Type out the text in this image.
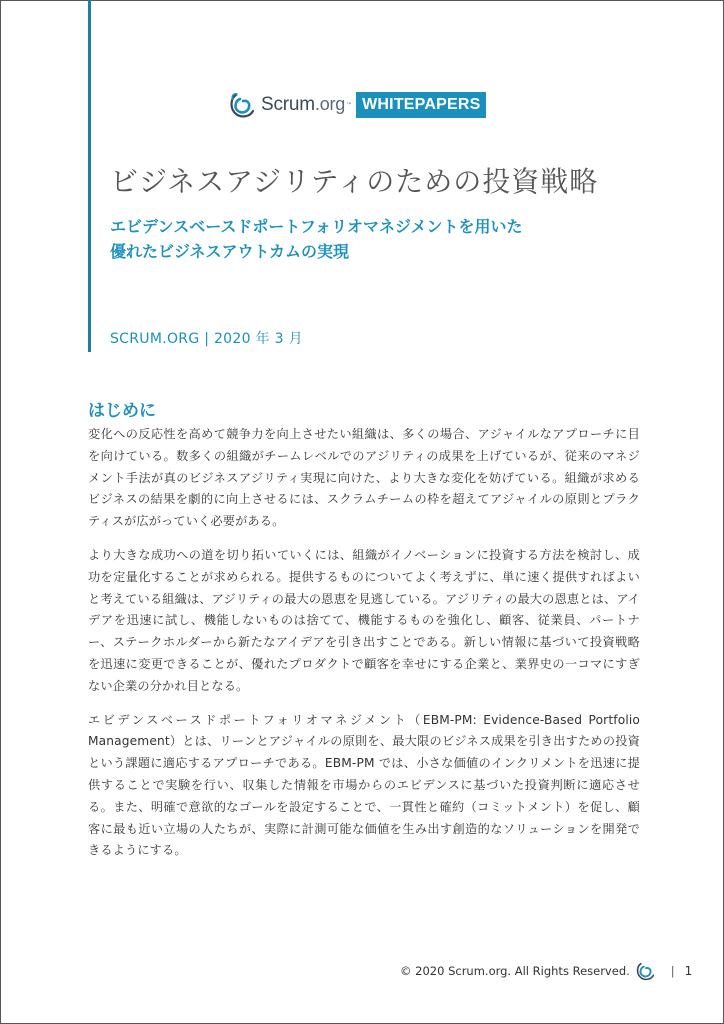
Scrum.org ™ WHITEPAPERS
ビジネスアジリティのための投資戦略
エビデンスベースドポートフォリオマネジメントを用いた
優れたビジネスアウトカムの実現
SCRUM.ORG | 2020 年 3 月
はじめに

変化への反応性を高めて競争力を向上させたい組織は、多くの場合、アジャイルなアプローチに目を向けている。数多くの組織がチームレベルでのアジリティの成果を上げているが、従来のマネジメント手法が真のビジネスアジリティ実現に向けた、より大きな変化を妨げている。組織が求めるビジネスの結果を劇的に向上させるには、スクラムチームの枠を超えてアジャイルの原則とプラクティスが広がっていく必要がある。

より大きな成功への道を切り拓いていくには、組織がイノベーションに投資する方法を検討し、成功を定量化することが求められる。提供するものについてよく考えずに、単に速く提供すればよいと考えている組織は、アジリティの最大の恩恵を見逃している。アジリティの最大の恩恵とは、アイデアを迅速に試し、機能しないものは捨てて、機能するものを強化し、顧客、従業員、パートナー、ステークホルダーから新たなアイデアを引き出すことである。新しい情報に基づいて投資戦略を迅速に変更できることが、優れたプロダクトで顧客を幸せにする企業と、業界史の一コマにすぎない企業の分かれ目となる。

エビデンスベースドポートフォリオマネジメント（EBM-PM: Evidence-Based Portfolio Management）とは、リーンとアジャイルの原則を、最大限のビジネス成果を引き出すための投資という課題に適応するアプローチである。EBM-PM では、小さな価値のインクリメントを迅速に提供することで実験を行い、収集した情報を市場からのエビデンスに基づいた投資判断に適応させる。また、明確で意欲的なゴールを設定することで、一貫性と確約（コミットメント）を促し、顧客に最も近い立場の人たちが、実際に計測可能な価値を生み出す創造的なソリューションを開発できるようにする。

© 2020 Scrum.org. All Rights Reserved.	| 1
